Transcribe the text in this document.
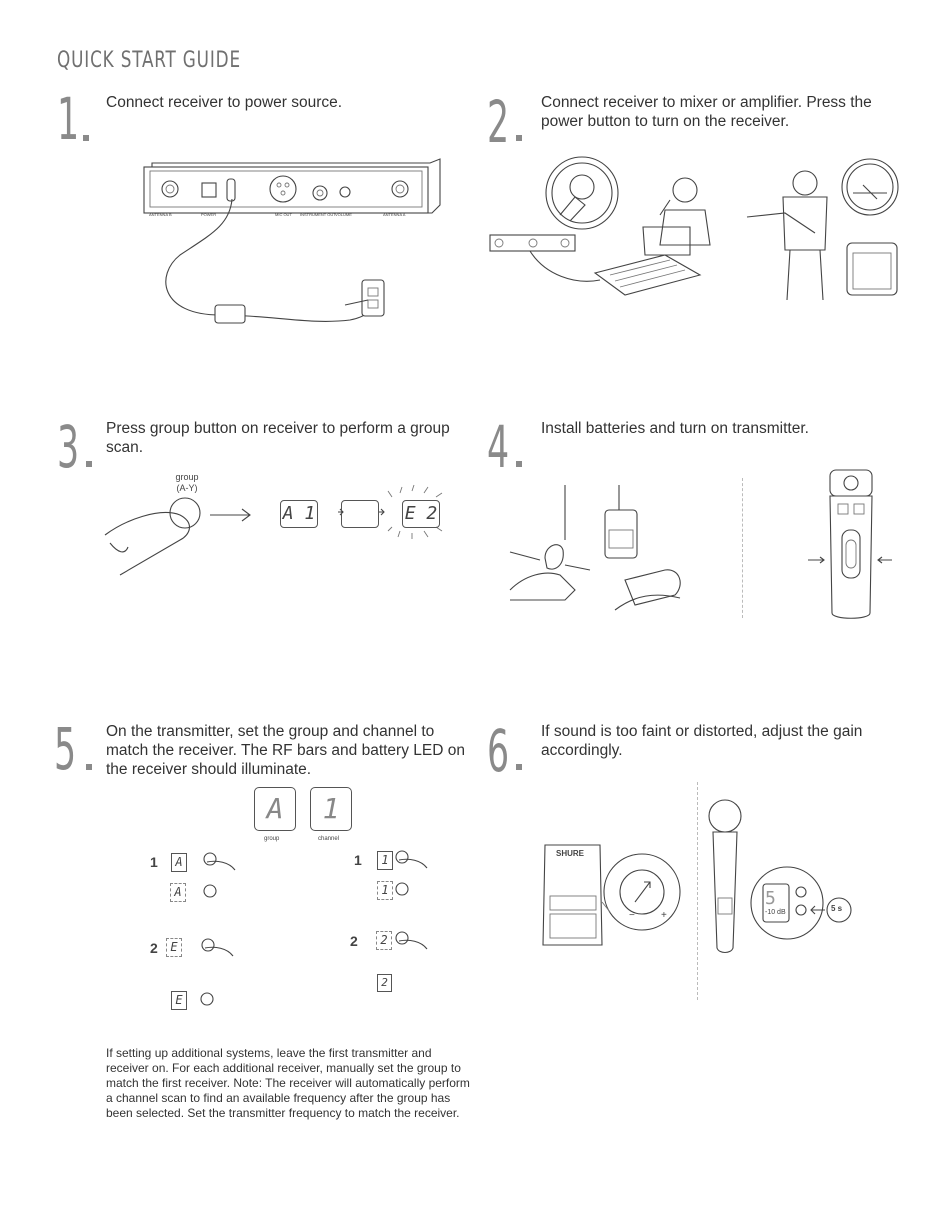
QUICK START GUIDE
1 Connect receiver to power source.
ANTENNA B	POWER	MIC OUT INSTRUMENT OUT VOLUME	ANTENNA A
2 Connect receiver to mixer or amplifier. Press the power button to turn on the receiver.
3 Press group button on receiver to perform a group scan.
group
(A-Y)
A 1	E 2
4 Install batteries and turn on transmitter.
5 On the transmitter, set the group and channel to match the receiver. The RF bars and battery LED on the receiver should illuminate.
A	1
group	channel
1	A
A
2	E
E
1	1
1
2	2
2
If setting up additional systems, leave the first transmitter and receiver on. For each additional receiver, manually set the group to match the first receiver. Note: The receiver will automatically perform a channel scan to find an available frequency after the group has been selected. Set the transmitter frequency to match the receiver.
6 If sound is too faint or distorted, adjust the gain accordingly.
SHURE
−	+
5
-10 dB	5 s
